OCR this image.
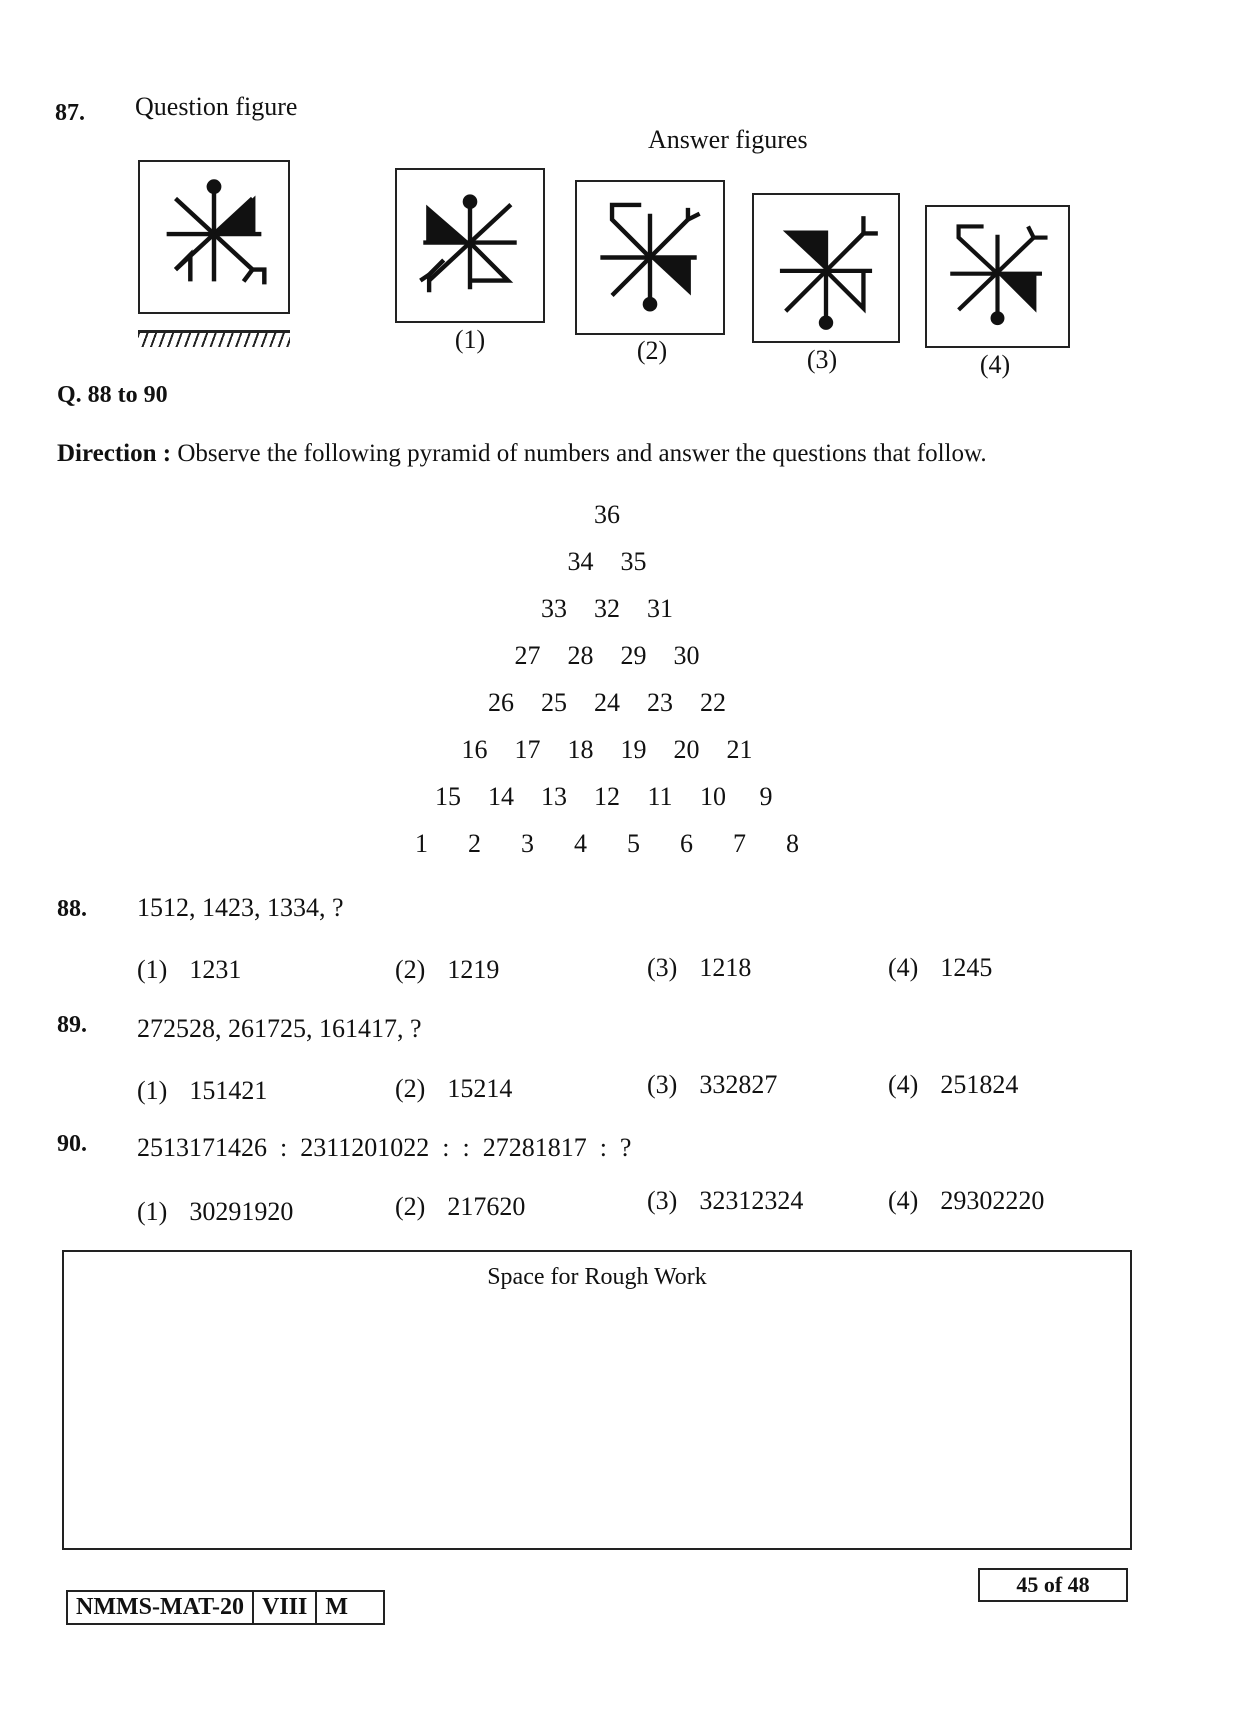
87. Question figure
Answer figures
(1)	(2)	(3)	(4)
Q. 88 to 90
Direction : Observe the following pyramid of numbers and answer the questions that follow.
36
34	35
33	32	31
27	28	29	30
26	25	24	23	22
16	17	18	19	20	21
15	14	13	12	11	10	9
1	2	3	4	5	6	7	8
88. 1512, 1423, 1334, ?
(1) 1231	(2) 1219	(3) 1218	(4) 1245
89. 272528, 261725, 161417, ?
(1) 151421	(2) 15214	(3) 332827	(4) 251824
90. 2513171426  :  2311201022  :  :  27281817  :  ?
(1) 30291920	(2) 217620	(3) 32312324	(4) 29302220
Space for Rough Work
NMMS-MAT-20 VIII M
45 of 48
